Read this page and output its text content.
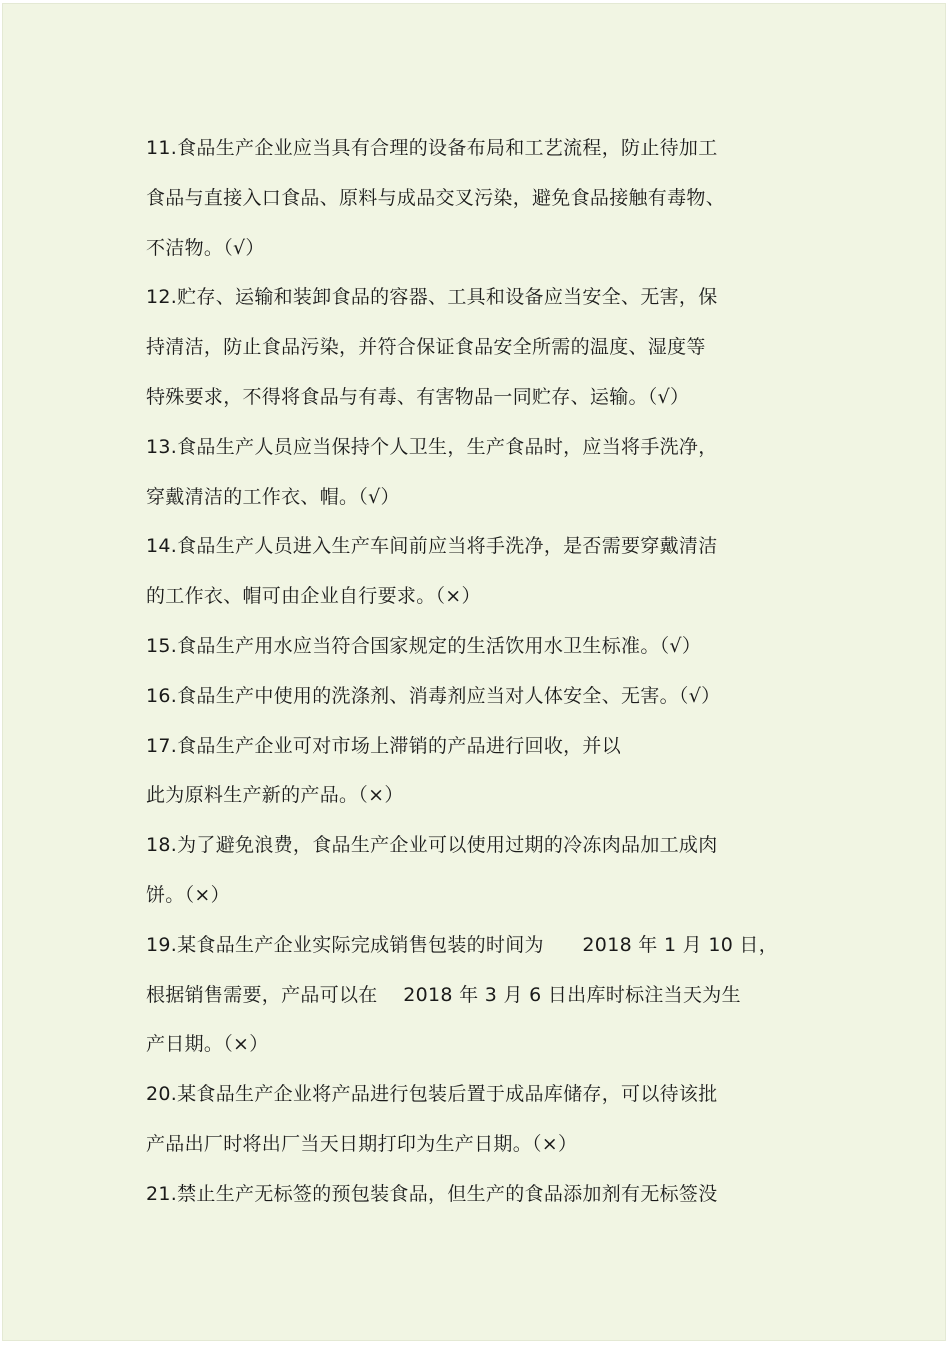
11.食品生产企业应当具有合理的设备布局和工艺流程，防止待加工
食品与直接入口食品、原料与成品交叉污染，避免食品接触有毒物、
不洁物。（√）
12.贮存、运输和装卸食品的容器、工具和设备应当安全、无害，保
持清洁，防止食品污染，并符合保证食品安全所需的温度、湿度等
特殊要求，不得将食品与有毒、有害物品一同贮存、运输。（√）
13.食品生产人员应当保持个人卫生，生产食品时，应当将手洗净，
穿戴清洁的工作衣、帽。（√）
14.食品生产人员进入生产车间前应当将手洗净，是否需要穿戴清洁
的工作衣、帽可由企业自行要求。（×）
15.食品生产用水应当符合国家规定的生活饮用水卫生标准。（√）
16.食品生产中使用的洗涤剂、消毒剂应当对人体安全、无害。（√）
17.食品生产企业可对市场上滞销的产品进行回收，并以
此为原料生产新的产品。（×）
18.为了避免浪费，食品生产企业可以使用过期的冷冻肉品加工成肉
饼。（×）
19.某食品生产企业实际完成销售包装的时间为　　2018 年 1 月 10 日，
根据销售需要，产品可以在　 2018 年 3 月 6 日出库时标注当天为生
产日期。（×）
20.某食品生产企业将产品进行包装后置于成品库储存，可以待该批
产品出厂时将出厂当天日期打印为生产日期。（×）
21.禁止生产无标签的预包装食品，但生产的食品添加剂有无标签没
